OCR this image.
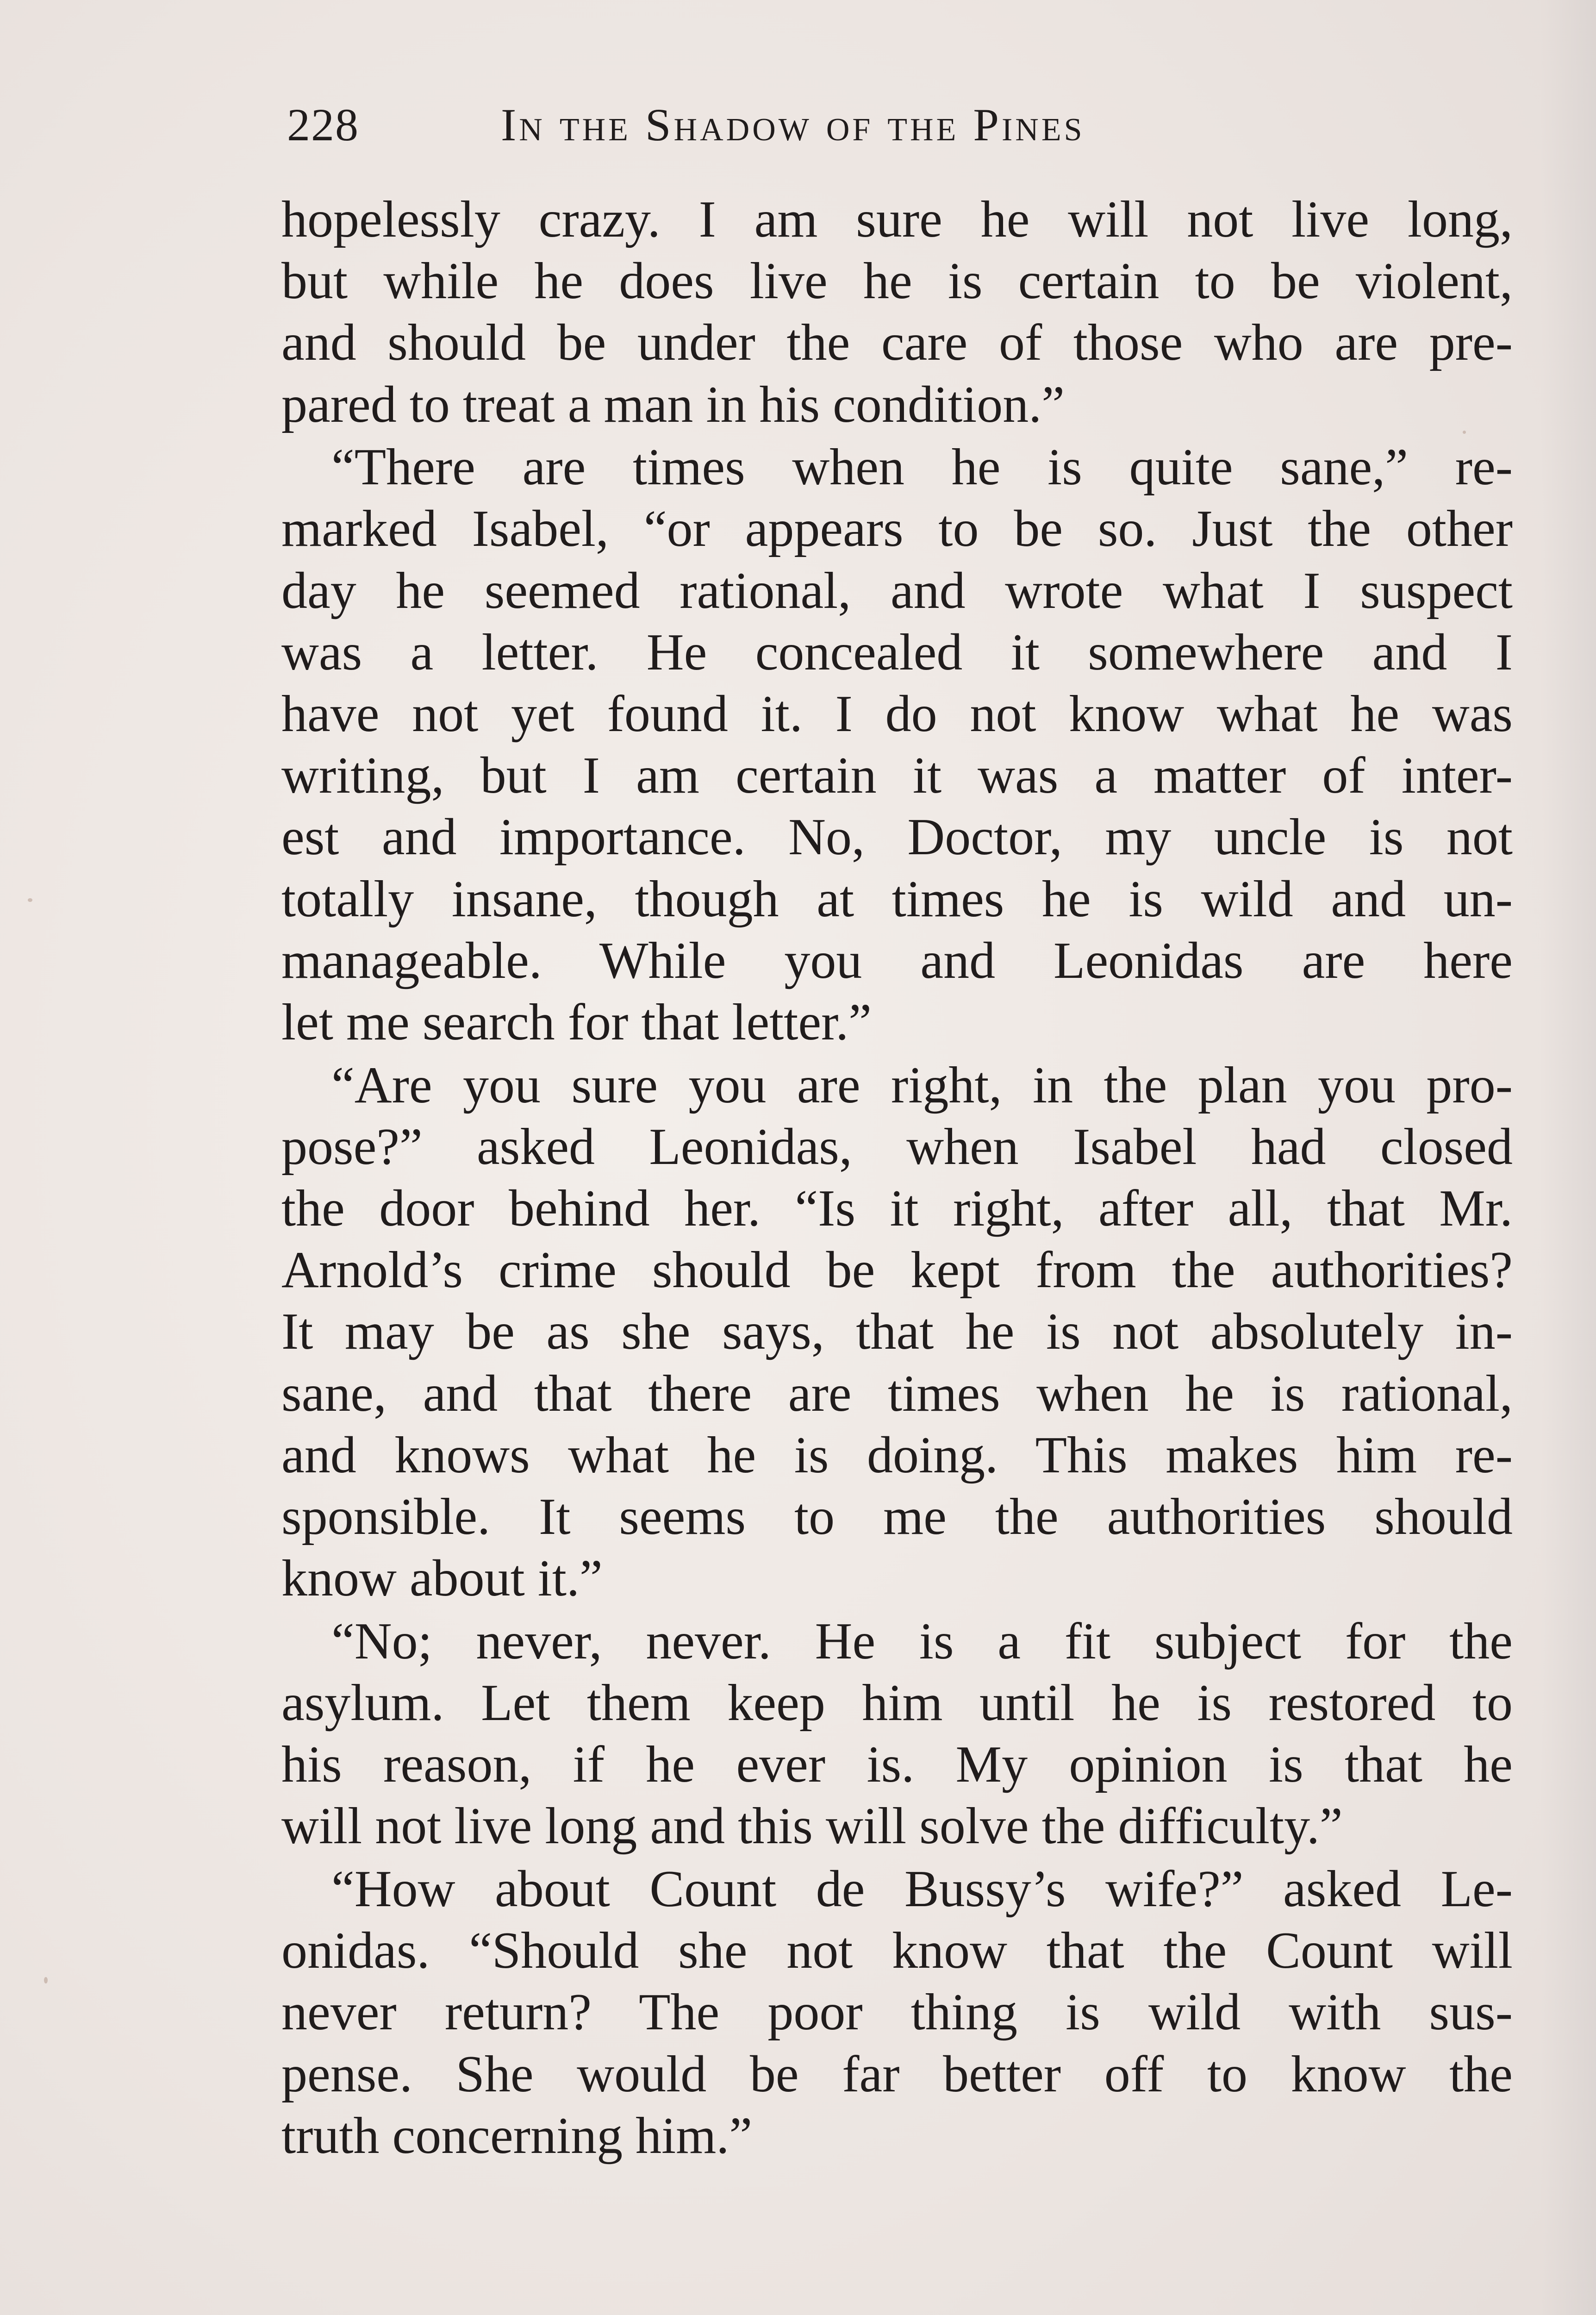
228	In the Shadow of the Pines
hopelessly crazy. I am sure he will not live long,
but while he does live he is certain to be violent,
and should be under the care of those who are pre-
pared to treat a man in his condition.”
“There are times when he is quite sane,” re-
marked Isabel, “or appears to be so. Just the other
day he seemed rational, and wrote what I suspect
was a letter. He concealed it somewhere and I
have not yet found it. I do not know what he was
writing, but I am certain it was a matter of inter-
est and importance. No, Doctor, my uncle is not
totally insane, though at times he is wild and un-
manageable. While you and Leonidas are here
let me search for that letter.”
“Are you sure you are right, in the plan you pro-
pose?” asked Leonidas, when Isabel had closed
the door behind her. “Is it right, after all, that Mr.
Arnold’s crime should be kept from the authorities?
It may be as she says, that he is not absolutely in-
sane, and that there are times when he is rational,
and knows what he is doing. This makes him re-
sponsible. It seems to me the authorities should
know about it.”
“No; never, never. He is a fit subject for the
asylum. Let them keep him until he is restored to
his reason, if he ever is. My opinion is that he
will not live long and this will solve the difficulty.”
“How about Count de Bussy’s wife?” asked Le-
onidas. “Should she not know that the Count will
never return? The poor thing is wild with sus-
pense. She would be far better off to know the
truth concerning him.”
